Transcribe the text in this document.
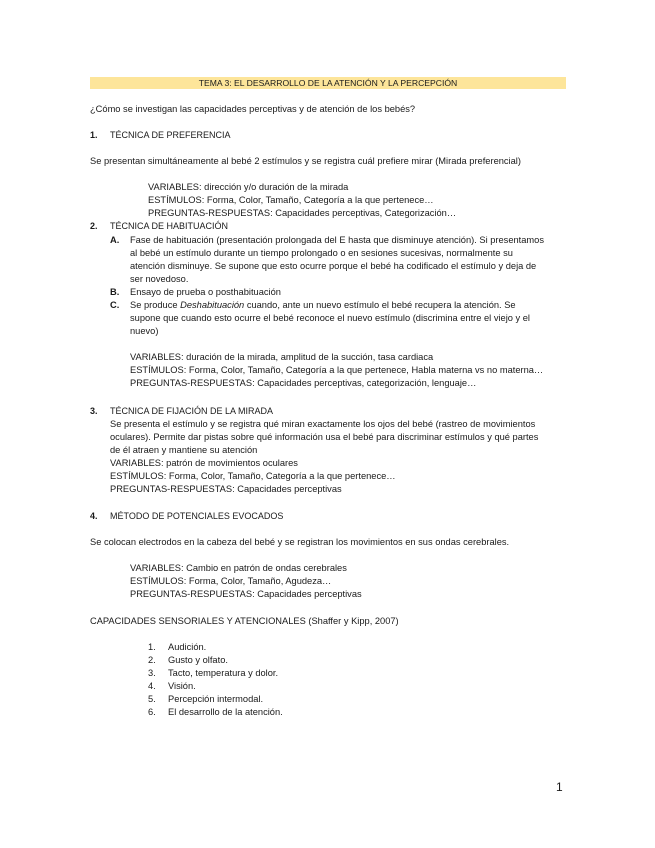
TEMA 3: EL DESARROLLO DE LA ATENCIÓN Y LA PERCEPCIÓN
¿Cómo se investigan las capacidades perceptivas y de atención de los bebés?
1. TÉCNICA DE PREFERENCIA
Se presentan simultáneamente al bebé 2 estímulos y se registra cuál prefiere mirar (Mirada preferencial)
VARIABLES: dirección y/o duración de la mirada
ESTÍMULOS: Forma, Color, Tamaño, Categoría a la que pertenece…
PREGUNTAS-RESPUESTAS: Capacidades perceptivas, Categorización…
2. TÉCNICA DE HABITUACIÓN
A. Fase de habituación (presentación prolongada del E hasta que disminuye atención). Si presentamos
al bebé un estímulo durante un tiempo prolongado o en sesiones sucesivas, normalmente su
atención disminuye. Se supone que esto ocurre porque el bebé ha codificado el estímulo y deja de
ser novedoso.
B. Ensayo de prueba o posthabituación
C. Se produce Deshabituación cuando, ante un nuevo estímulo el bebé recupera la atención. Se
supone que cuando esto ocurre el bebé reconoce el nuevo estímulo (discrimina entre el viejo y el
nuevo)
VARIABLES: duración de la mirada, amplitud de la succión, tasa cardiaca
ESTÍMULOS: Forma, Color, Tamaño, Categoría a la que pertenece, Habla materna vs no materna…
PREGUNTAS-RESPUESTAS: Capacidades perceptivas, categorización, lenguaje…
3. TÉCNICA DE FIJACIÓN DE LA MIRADA
Se presenta el estímulo y se registra qué miran exactamente los ojos del bebé (rastreo de movimientos
oculares). Permite dar pistas sobre qué información usa el bebé para discriminar estímulos y qué partes
de él atraen y mantiene su atención
VARIABLES: patrón de movimientos oculares
ESTÍMULOS: Forma, Color, Tamaño, Categoría a la que pertenece…
PREGUNTAS-RESPUESTAS: Capacidades perceptivas
4. MÉTODO DE POTENCIALES EVOCADOS
Se colocan electrodos en la cabeza del bebé y se registran los movimientos en sus ondas cerebrales.
VARIABLES: Cambio en patrón de ondas cerebrales
ESTÍMULOS: Forma, Color, Tamaño, Agudeza…
PREGUNTAS-RESPUESTAS: Capacidades perceptivas
CAPACIDADES SENSORIALES Y ATENCIONALES (Shaffer y Kipp, 2007)
1. Audición.
2. Gusto y olfato.
3. Tacto, temperatura y dolor.
4. Visión.
5. Percepción intermodal.
6. El desarrollo de la atención.
1
